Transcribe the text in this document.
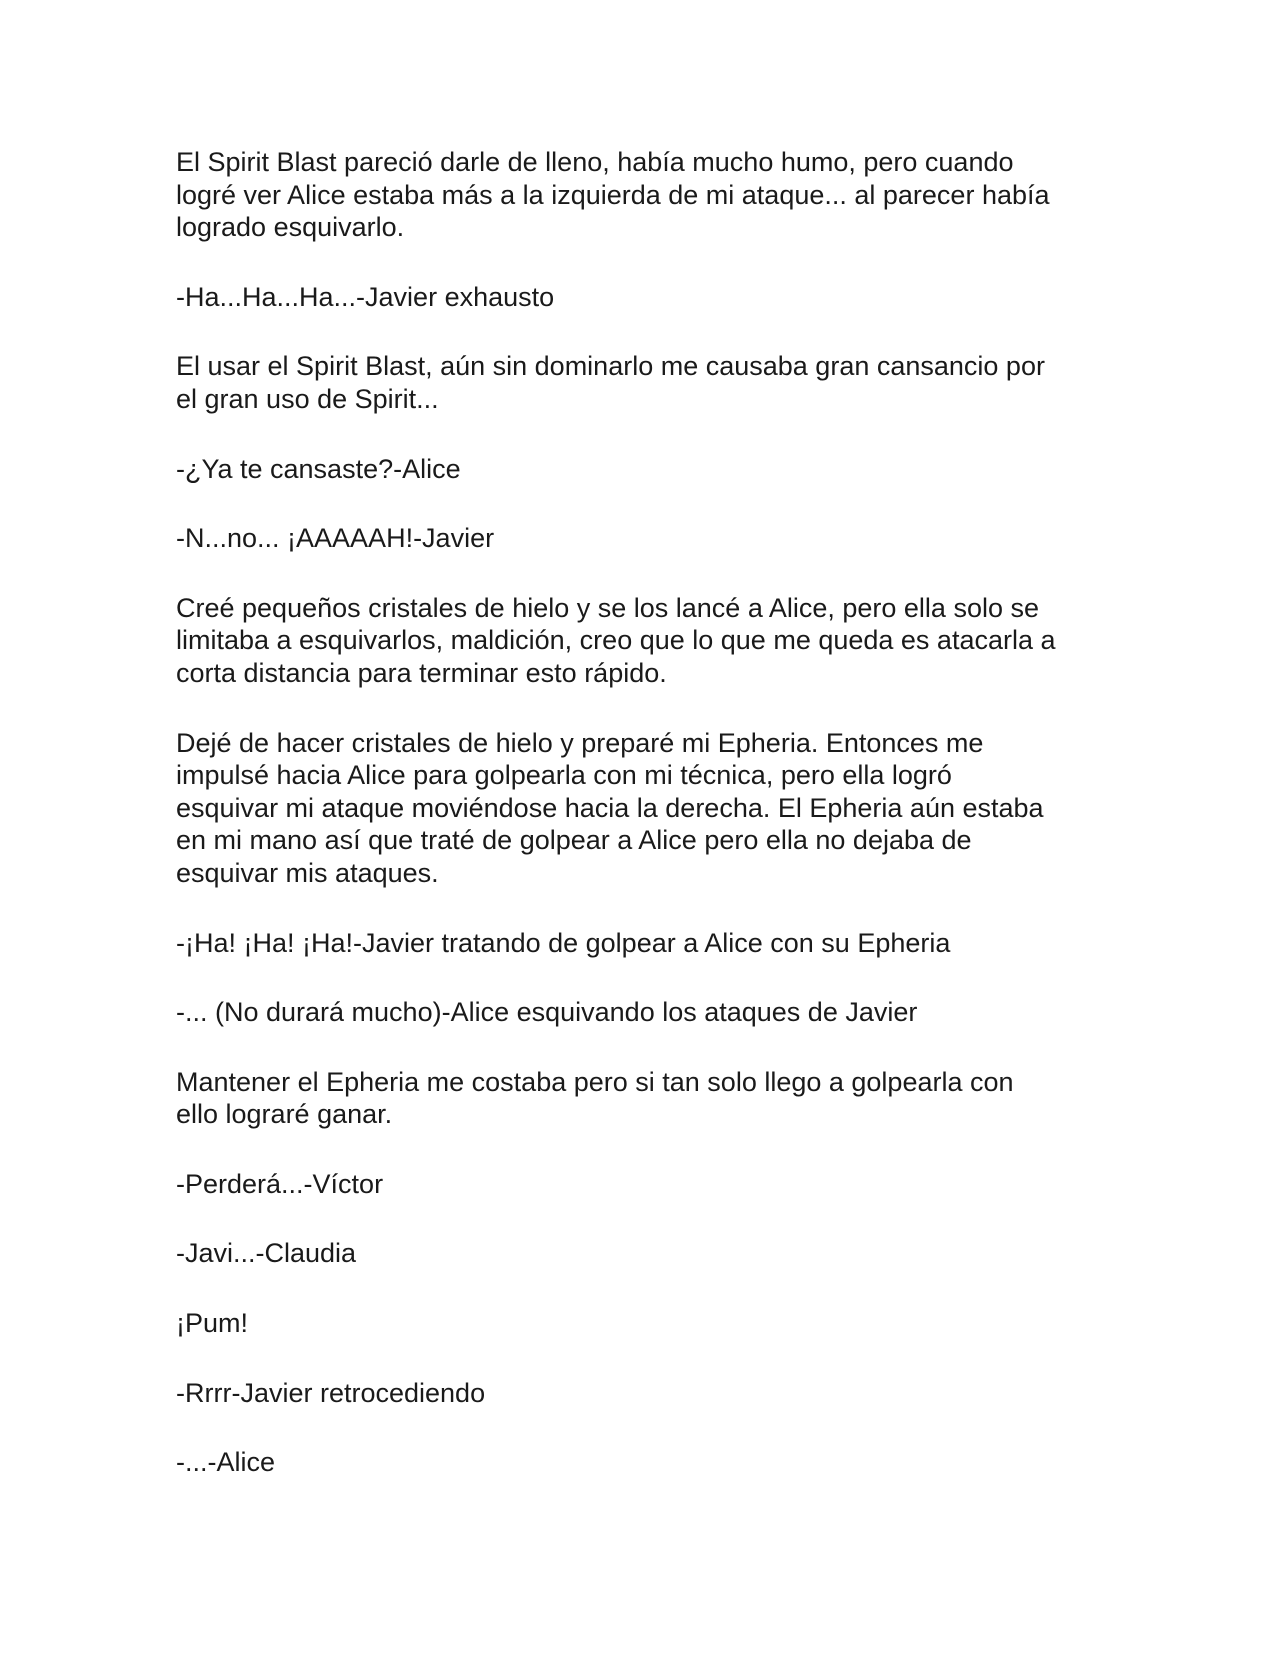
El Spirit Blast pareció darle de lleno, había mucho humo, pero cuando
logré ver Alice estaba más a la izquierda de mi ataque... al parecer había
logrado esquivarlo.

-Ha...Ha...Ha...-Javier exhausto

El usar el Spirit Blast, aún sin dominarlo me causaba gran cansancio por
el gran uso de Spirit...

-¿Ya te cansaste?-Alice

-N...no... ¡AAAAAH!-Javier

Creé pequeños cristales de hielo y se los lancé a Alice, pero ella solo se
limitaba a esquivarlos, maldición, creo que lo que me queda es atacarla a
corta distancia para terminar esto rápido.

Dejé de hacer cristales de hielo y preparé mi Epheria. Entonces me
impulsé hacia Alice para golpearla con mi técnica, pero ella logró
esquivar mi ataque moviéndose hacia la derecha. El Epheria aún estaba
en mi mano así que traté de golpear a Alice pero ella no dejaba de
esquivar mis ataques.

-¡Ha! ¡Ha! ¡Ha!-Javier tratando de golpear a Alice con su Epheria

-... (No durará mucho)-Alice esquivando los ataques de Javier

Mantener el Epheria me costaba pero si tan solo llego a golpearla con
ello lograré ganar.

-Perderá...-Víctor

-Javi...-Claudia

¡Pum!

-Rrrr-Javier retrocediendo

-...-Alice
